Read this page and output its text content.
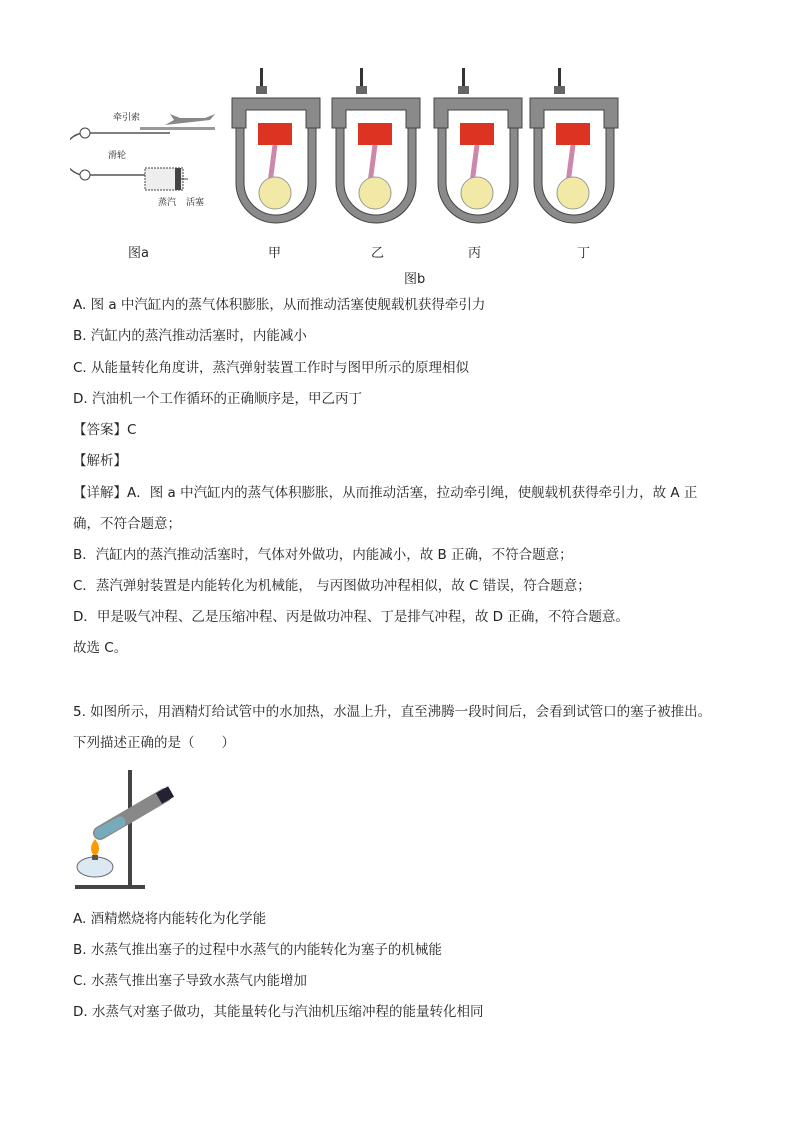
牵引索
滑轮
蒸汽 活塞
图a	甲	乙	丙	丁
图b
A. 图 a 中汽缸内的蒸气体积膨胀，从而推动活塞使舰载机获得牵引力
B. 汽缸内的蒸汽推动活塞时，内能减小
C. 从能量转化角度讲，蒸汽弹射装置工作时与图甲所示的原理相似
D. 汽油机一个工作循环的正确顺序是，甲乙丙丁
【答案】C
【解析】
【详解】A．图 a 中汽缸内的蒸气体积膨胀，从而推动活塞，拉动牵引绳，使舰载机获得牵引力，故 A 正
确，不符合题意；
B．汽缸内的蒸汽推动活塞时，气体对外做功，内能减小，故 B 正确，不符合题意；
C．蒸汽弹射装置是内能转化为机械能， 与丙图做功冲程相似，故 C 错误，符合题意；
D．甲是吸气冲程、乙是压缩冲程、丙是做功冲程、丁是排气冲程，故 D 正确，不符合题意。
故选 C。
5. 如图所示，用酒精灯给试管中的水加热，水温上升，直至沸腾一段时间后，会看到试管口的塞子被推出。
下列描述正确的是（　　）
A. 酒精燃烧将内能转化为化学能
B. 水蒸气推出塞子的过程中水蒸气的内能转化为塞子的机械能
C. 水蒸气推出塞子导致水蒸气内能增加
D. 水蒸气对塞子做功，其能量转化与汽油机压缩冲程的能量转化相同
